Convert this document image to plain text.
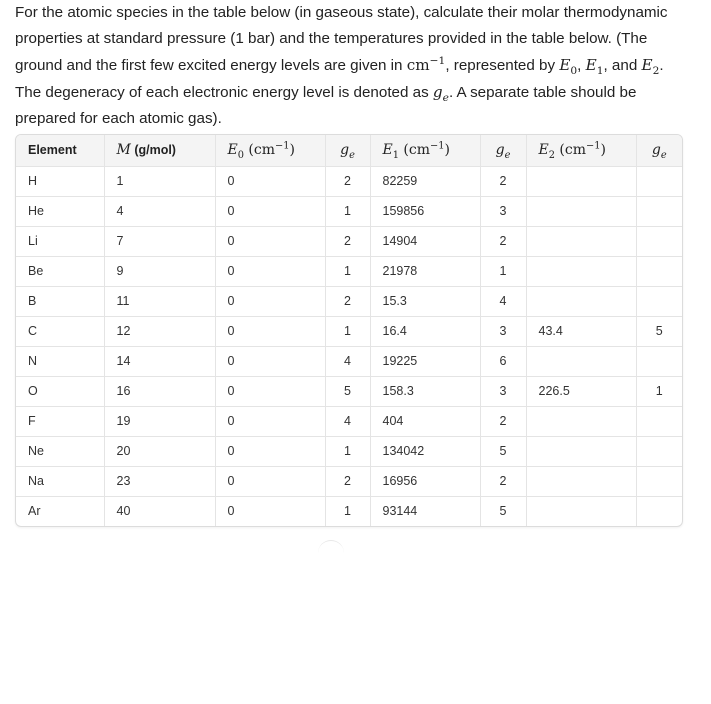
For the atomic species in the table below (in gaseous state), calculate their molar thermodynamic properties at standard pressure (1 bar) and the temperatures provided in the table below. (The ground and the first few excited energy levels are given in $cm^{-1}$, represented by $E_0$, $E_1$, and $E_2$. The degeneracy of each electronic energy level is denoted as $g_e$. A separate table should be prepared for each atomic gas).
Element	M (g/mol)	$E_0$ $(cm^{-1})$	$g_e$	$E_1$ $(cm^{-1})$	$g_e$	$E_2$ $(cm^{-1})$	$g_e$
H	1	0	2	82259	2		
He	4	0	1	159856	3		
Li	7	0	2	14904	2		
Be	9	0	1	21978	1		
B	11	0	2	15.3	4		
C	12	0	1	16.4	3	43.4	5
N	14	0	4	19225	6		
O	16	0	5	158.3	3	226.5	1
F	19	0	4	404	2		
Ne	20	0	1	134042	5		
Na	23	0	2	16956	2		
Ar	40	0	1	93144	5		
